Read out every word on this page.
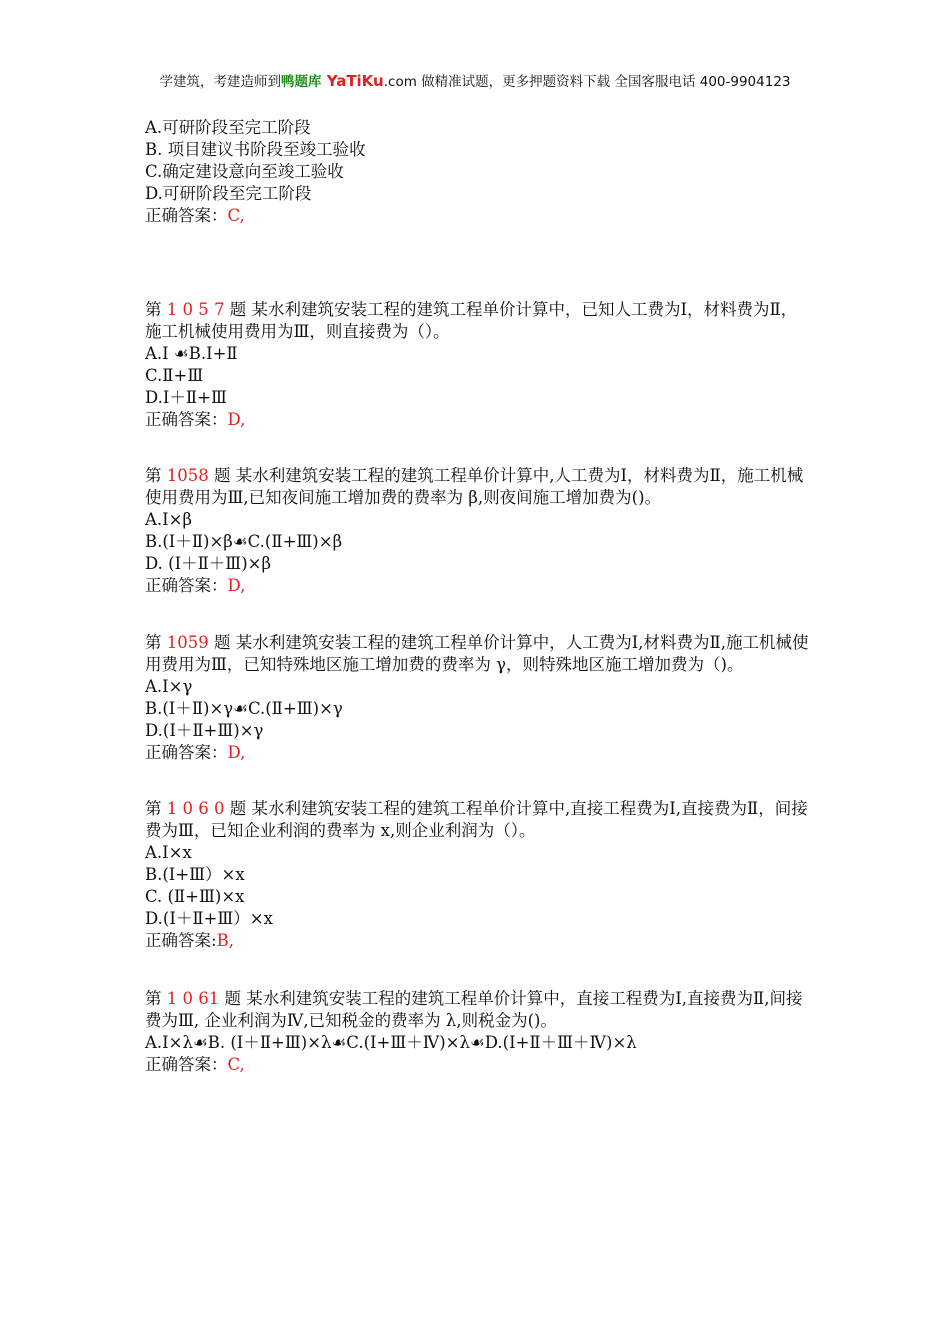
学建筑，考建造师到鸭题库 YaTiKu.com 做精准试题，更多押题资料下载 全国客服电话 400-9904123
A.可研阶段至完工阶段
B. 项目建议书阶段至竣工验收
C.确定建设意向至竣工验收
D.可研阶段至完工阶段
正确答案：C,
第 1 0 5 7 题 某水利建筑安装工程的建筑工程单价计算中，已知人工费为Ⅰ，材料费为Ⅱ，施工机械使用费用为Ⅲ，则直接费为（）。
A.Ⅰ ☙B.Ⅰ+Ⅱ
C.Ⅱ+Ⅲ
D.Ⅰ＋Ⅱ+Ⅲ
正确答案：D,
第 1058 题 某水利建筑安装工程的建筑工程单价计算中,人工费为Ⅰ，材料费为Ⅱ，施工机械使用费用为Ⅲ,已知夜间施工增加费的费率为 β,则夜间施工增加费为()。
A.Ⅰ×β
B.(Ⅰ＋Ⅱ)×β☙C.(Ⅱ+Ⅲ)×β
D. (Ⅰ＋Ⅱ＋Ⅲ)×β
正确答案：D,
第 1059 题 某水利建筑安装工程的建筑工程单价计算中，人工费为Ⅰ,材料费为Ⅱ,施工机械使用费用为Ⅲ，已知特殊地区施工增加费的费率为 γ，则特殊地区施工增加费为（)。
A.Ⅰ×γ
B.(Ⅰ＋Ⅱ)×γ☙C.(Ⅱ+Ⅲ)×γ
D.(Ⅰ＋Ⅱ+Ⅲ)×γ
正确答案：D,
第 1 0 6 0 题 某水利建筑安装工程的建筑工程单价计算中,直接工程费为Ⅰ,直接费为Ⅱ，间接费为Ⅲ，已知企业利润的费率为 x,则企业利润为（）。
A.Ⅰ×x
B.(Ⅰ+Ⅲ）×x
C. (Ⅱ+Ⅲ)×x
D.(Ⅰ＋Ⅱ+Ⅲ）×x
正确答案:B,
第 1 0 61 题 某水利建筑安装工程的建筑工程单价计算中，直接工程费为Ⅰ,直接费为Ⅱ,间接费为Ⅲ, 企业利润为Ⅳ,已知税金的费率为 λ,则税金为()。
A.Ⅰ×λ☙B. (Ⅰ＋Ⅱ+Ⅲ)×λ☙C.(Ⅰ+Ⅲ＋Ⅳ)×λ☙D.(Ⅰ+Ⅱ＋Ⅲ＋Ⅳ)×λ
正确答案：C,
